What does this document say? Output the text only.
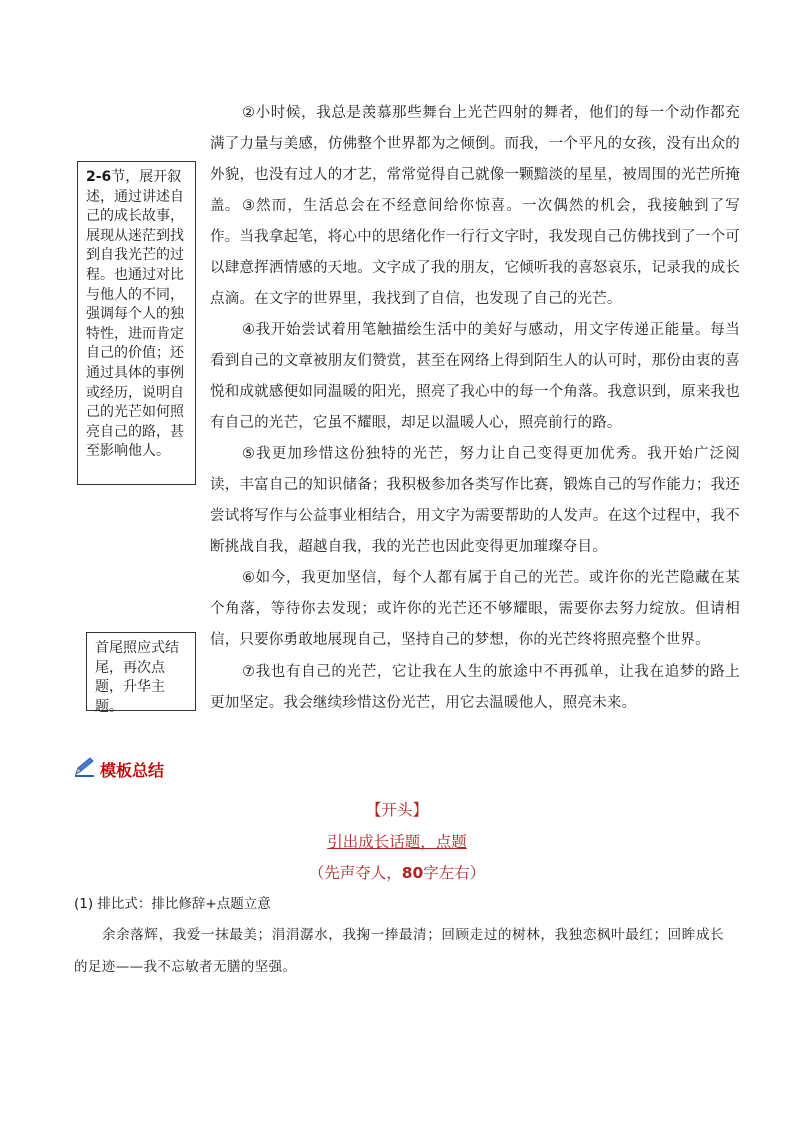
②小时候，我总是羡慕那些舞台上光芒四射的舞者，他们的每一个动作都充满了力量与美感，仿佛整个世界都为之倾倒。而我，一个平凡的女孩，没有出众的外貌，也没有过人的才艺，常常觉得自己就像一颗黯淡的星星，被周围的光芒所掩盖。 ③然而，生活总会在不经意间给你惊喜。一次偶然的机会，我接触到了写作。当我拿起笔，将心中的思绪化作一行行文字时，我发现自己仿佛找到了一个可以肆意挥洒情感的天地。文字成了我的朋友，它倾听我的喜怒哀乐，记录我的成长点滴。在文字的世界里，我找到了自信，也发现了自己的光芒。

④我开始尝试着用笔触描绘生活中的美好与感动，用文字传递正能量。每当看到自己的文章被朋友们赞赏，甚至在网络上得到陌生人的认可时，那份由衷的喜悦和成就感便如同温暖的阳光，照亮了我心中的每一个角落。我意识到，原来我也有自己的光芒，它虽不耀眼，却足以温暖人心，照亮前行的路。

⑤我更加珍惜这份独特的光芒，努力让自己变得更加优秀。我开始广泛阅读，丰富自己的知识储备；我积极参加各类写作比赛，锻炼自己的写作能力；我还尝试将写作与公益事业相结合，用文字为需要帮助的人发声。在这个过程中，我不断挑战自我，超越自我，我的光芒也因此变得更加璀璨夺目。

⑥如今，我更加坚信，每个人都有属于自己的光芒。或许你的光芒隐藏在某个角落，等待你去发现；或许你的光芒还不够耀眼，需要你去努力绽放。但请相信，只要你勇敢地展现自己，坚持自己的梦想，你的光芒终将照亮整个世界。

⑦我也有自己的光芒，它让我在人生的旅途中不再孤单，让我在追梦的路上更加坚定。我会继续珍惜这份光芒，用它去温暖他人，照亮未来。

2-6节，展开叙述，通过讲述自己的成长故事，展现从迷茫到找到自我光芒的过程。也通过对比与他人的不同，强调每个人的独特性，进而肯定自己的价值；还通过具体的事例或经历，说明自己的光芒如何照亮自己的路，甚至影响他人。
首尾照应式结尾，再次点题，升华主题。
模板总结
【开头】
引出成长话题，点题
（先声夺人，80字左右）
(1) 排比式：排比修辞+点题立意

余余落辉，我爱一抹最美；涓涓潺水，我掬一捧最清；回顾走过的树林，我独恋枫叶最红；回眸成长的足迹——我不忘敏者无膳的坚强。
